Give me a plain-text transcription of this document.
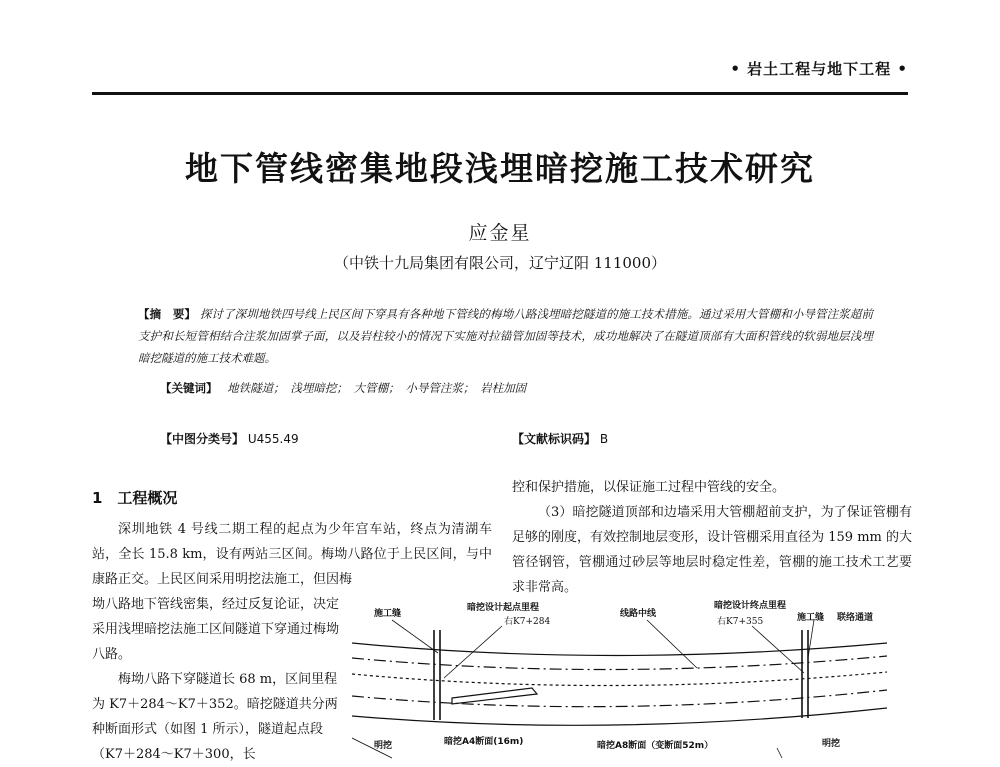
• 岩土工程与地下工程 •
地下管线密集地段浅埋暗挖施工技术研究
应金星
（中铁十九局集团有限公司，辽宁辽阳 111000）
【摘　要】 探讨了深圳地铁四号线上民区间下穿具有各种地下管线的梅坳八路浅埋暗挖隧道的施工技术措施。通过采用大管棚和小导管注浆超前支护和长短管相结合注浆加固掌子面，以及岩柱较小的情况下实施对拉锚管加固等技术，成功地解决了在隧道顶部有大面积管线的软弱地层浅埋暗挖隧道的施工技术难题。
【关键词】 地铁隧道；　浅埋暗挖；　大管棚；　小导管注浆；　岩柱加固
【中图分类号】 U455.49	【文献标识码】 B
1　工程概况
深圳地铁 4 号线二期工程的起点为少年宫车站，终点为清湖车站，全长 15.8 km，设有两站三区间。梅坳八路位于上民区间，与中康路正交。上民区间采用明挖法施工，但因梅
坳八路地下管线密集，经过反复论证，决定采用浅埋暗挖法施工区间隧道下穿通过梅坳八路。

梅坳八路下穿隧道长 68 m，区间里程为 K7＋284～K7＋352。暗挖隧道共分两种断面形式（如图 1 所示），隧道起点段（K7＋284～K7＋300，长
控和保护措施，以保证施工过程中管线的安全。
（3）暗挖隧道顶部和边墙采用大管棚超前支护，为了保证管棚有足够的刚度，有效控制地层变形，设计管棚采用直径为 159 mm 的大管径钢管，管棚通过砂层等地层时稳定性差，管棚的施工技术工艺要求非常高。
施工缝
暗挖设计起点里程
右K7+284
线路中线
暗挖设计终点里程
右K7+355	施工缝 联络通道
明挖	暗挖A4断面(16m)	暗挖A8断面（变断面52m）	明挖
